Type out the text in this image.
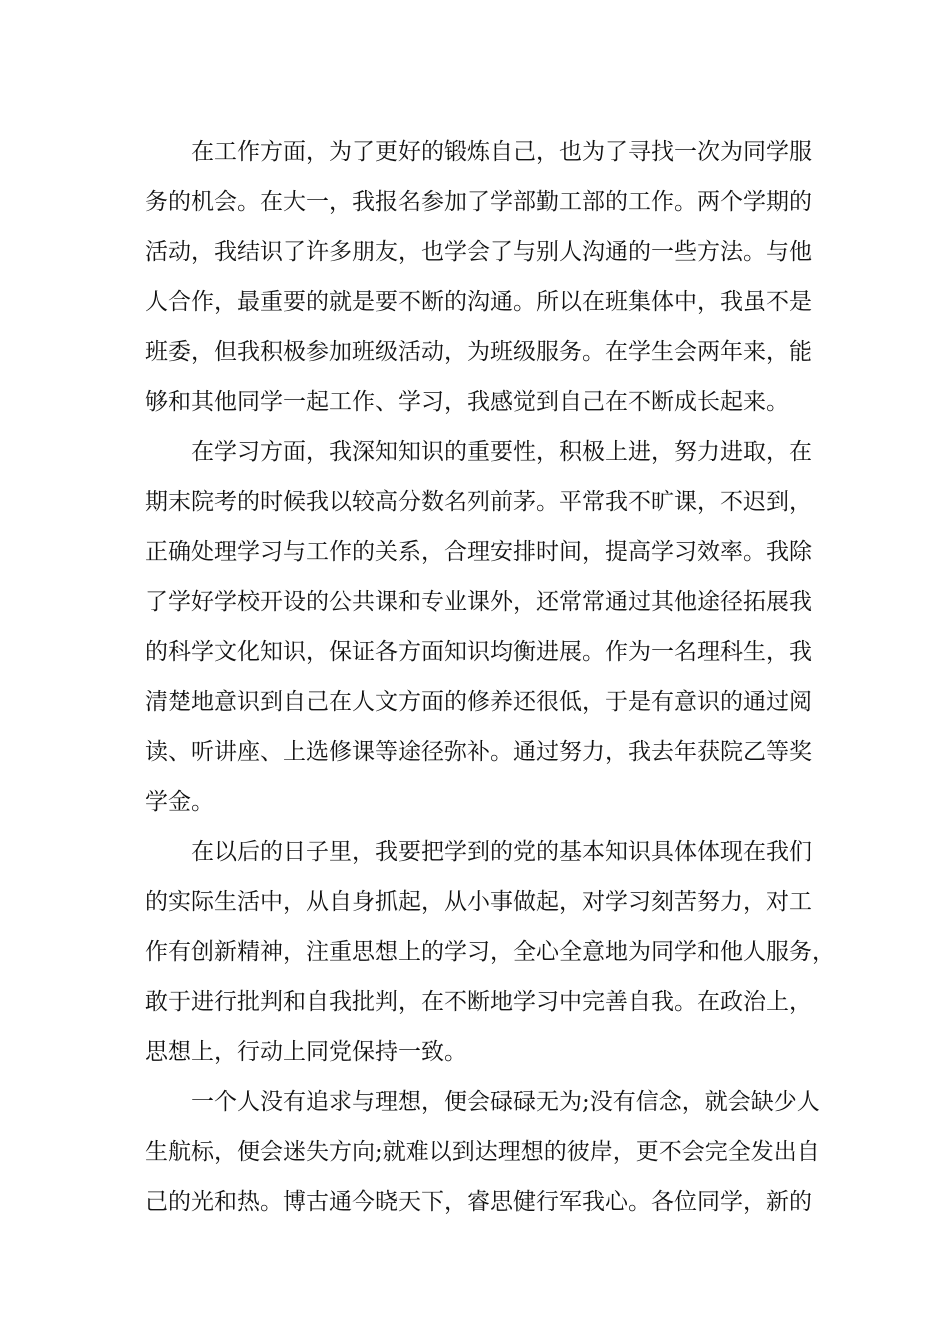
在工作方面，为了更好的锻炼自己，也为了寻找一次为同学服
务的机会。在大一，我报名参加了学部勤工部的工作。两个学期的
活动，我结识了许多朋友，也学会了与别人沟通的一些方法。与他
人合作，最重要的就是要不断的沟通。所以在班集体中，我虽不是
班委，但我积极参加班级活动，为班级服务。在学生会两年来，能
够和其他同学一起工作、学习，我感觉到自己在不断成长起来。

在学习方面，我深知知识的重要性，积极上进，努力进取，在
期末院考的时候我以较高分数名列前茅。平常我不旷课，不迟到，
正确处理学习与工作的关系，合理安排时间，提高学习效率。我除
了学好学校开设的公共课和专业课外，还常常通过其他途径拓展我
的科学文化知识，保证各方面知识均衡进展。作为一名理科生，我
清楚地意识到自己在人文方面的修养还很低，于是有意识的通过阅
读、听讲座、上选修课等途径弥补。通过努力，我去年获院乙等奖
学金。

在以后的日子里，我要把学到的党的基本知识具体体现在我们
的实际生活中，从自身抓起，从小事做起，对学习刻苦努力，对工
作有创新精神，注重思想上的学习，全心全意地为同学和他人服务，
敢于进行批判和自我批判，在不断地学习中完善自我。在政治上，
思想上，行动上同党保持一致。

一个人没有追求与理想，便会碌碌无为;没有信念，就会缺少人
生航标，便会迷失方向;就难以到达理想的彼岸，更不会完全发出自
己的光和热。博古通今晓天下，睿思健行军我心。各位同学，新的
